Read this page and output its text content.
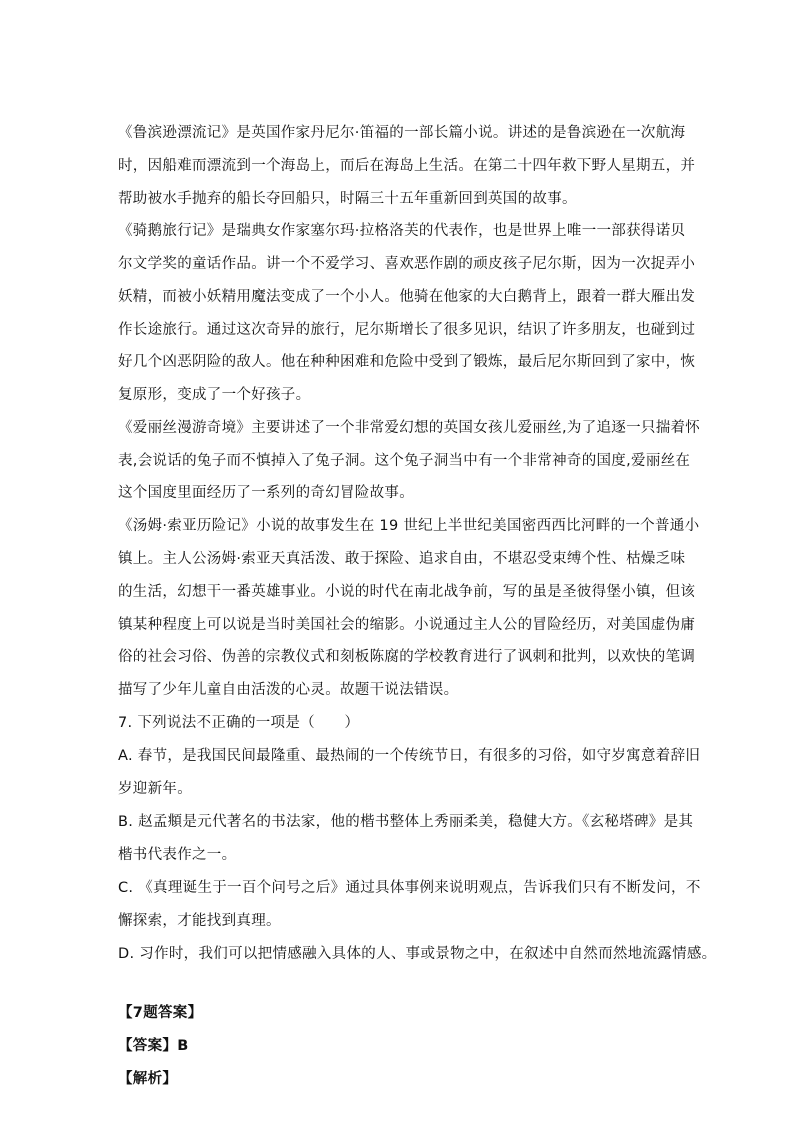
《鲁滨逊漂流记》是英国作家丹尼尔·笛福的一部长篇小说。讲述的是鲁滨逊在一次航海
时，因船难而漂流到一个海岛上，而后在海岛上生活。在第二十四年救下野人星期五，并
帮助被水手抛弃的船长夺回船只，时隔三十五年重新回到英国的故事。
《骑鹅旅行记》是瑞典女作家塞尔玛·拉格洛芙的代表作，也是世界上唯一一部获得诺贝
尔文学奖的童话作品。讲一个不爱学习、喜欢恶作剧的顽皮孩子尼尔斯，因为一次捉弄小
妖精，而被小妖精用魔法变成了一个小人。他骑在他家的大白鹅背上，跟着一群大雁出发
作长途旅行。通过这次奇异的旅行，尼尔斯增长了很多见识，结识了许多朋友，也碰到过
好几个凶恶阴险的敌人。他在种种困难和危险中受到了锻炼，最后尼尔斯回到了家中，恢
复原形，变成了一个好孩子。
《爱丽丝漫游奇境》主要讲述了一个非常爱幻想的英国女孩儿爱丽丝,为了追逐一只揣着怀
表,会说话的兔子而不慎掉入了兔子洞。这个兔子洞当中有一个非常神奇的国度,爱丽丝在
这个国度里面经历了一系列的奇幻冒险故事。
《汤姆·索亚历险记》小说的故事发生在 19 世纪上半世纪美国密西西比河畔的一个普通小
镇上。主人公汤姆·索亚天真活泼、敢于探险、追求自由，不堪忍受束缚个性、枯燥乏味
的生活，幻想干一番英雄事业。小说的时代在南北战争前，写的虽是圣彼得堡小镇，但该
镇某种程度上可以说是当时美国社会的缩影。小说通过主人公的冒险经历，对美国虚伪庸
俗的社会习俗、伪善的宗教仪式和刻板陈腐的学校教育进行了讽刺和批判，以欢快的笔调
描写了少年儿童自由活泼的心灵。故题干说法错误。
7. 下列说法不正确的一项是（　　）
A. 春节，是我国民间最隆重、最热闹的一个传统节日，有很多的习俗，如守岁寓意着辞旧
岁迎新年。
B. 赵孟頫是元代著名的书法家，他的楷书整体上秀丽柔美，稳健大方。《玄秘塔碑》是其
楷书代表作之一。
C. 《真理诞生于一百个问号之后》通过具体事例来说明观点，告诉我们只有不断发问，不
懈探索，才能找到真理。
D. 习作时，我们可以把情感融入具体的人、事或景物之中，在叙述中自然而然地流露情感。
【7题答案】
【答案】B
【解析】
